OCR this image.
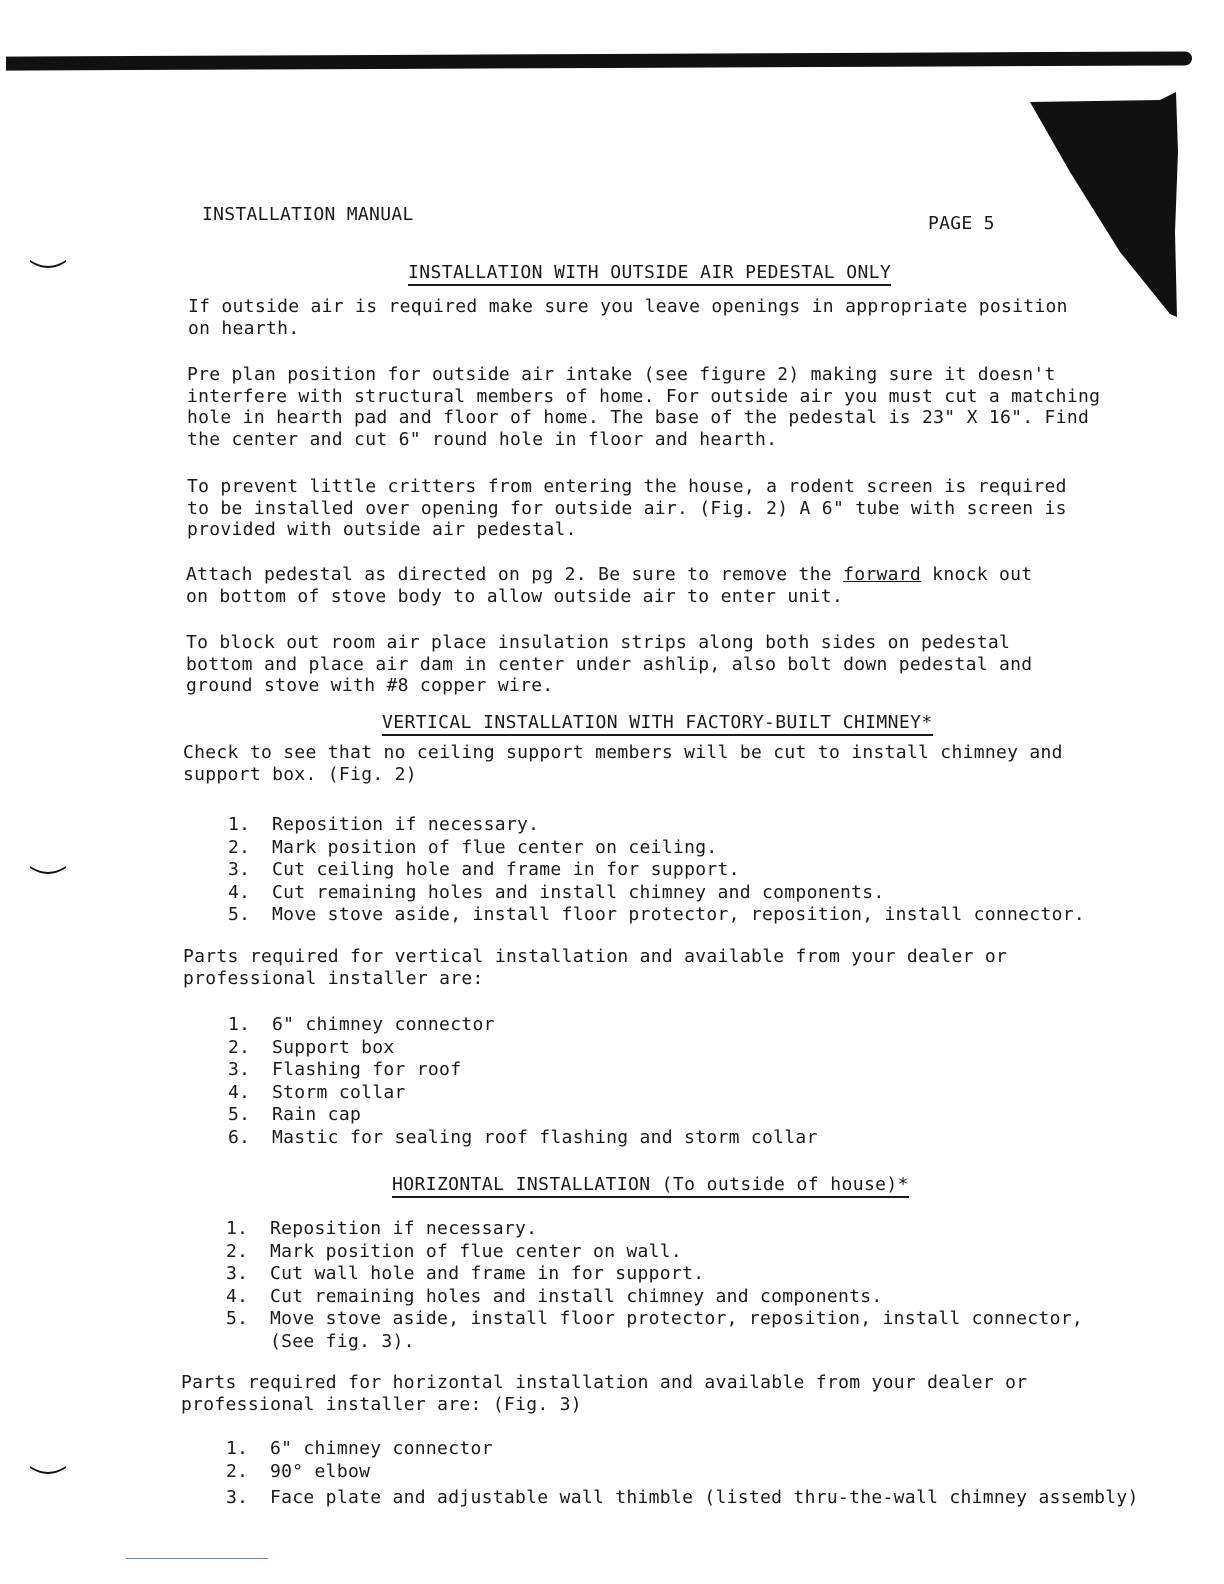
INSTALLATION MANUAL	PAGE 5
INSTALLATION WITH OUTSIDE AIR PEDESTAL ONLY

If outside air is required make sure you leave openings in appropriate position
on hearth.

Pre plan position for outside air intake (see figure 2) making sure it doesn't
interfere with structural members of home. For outside air you must cut a matching
hole in hearth pad and floor of home. The base of the pedestal is 23" X 16". Find
the center and cut 6" round hole in floor and hearth.

To prevent little critters from entering the house, a rodent screen is required
to be installed over opening for outside air. (Fig. 2) A 6" tube with screen is
provided with outside air pedestal.

Attach pedestal as directed on pg 2. Be sure to remove the forward knock out
on bottom of stove body to allow outside air to enter unit.

To block out room air place insulation strips along both sides on pedestal
bottom and place air dam in center under ashlip, also bolt down pedestal and
ground stove with #8 copper wire.

VERTICAL INSTALLATION WITH FACTORY-BUILT CHIMNEY*

Check to see that no ceiling support members will be cut to install chimney and
support box. (Fig. 2)

1. Reposition if necessary.
2. Mark position of flue center on ceiling.
3. Cut ceiling hole and frame in for support.
4. Cut remaining holes and install chimney and components.
5. Move stove aside, install floor protector, reposition, install connector.

Parts required for vertical installation and available from your dealer or
professional installer are:

1. 6" chimney connector
2. Support box
3. Flashing for roof
4. Storm collar
5. Rain cap
6. Mastic for sealing roof flashing and storm collar
HORIZONTAL INSTALLATION (To outside of house)*
1. Reposition if necessary.
2. Mark position of flue center on wall.
3. Cut wall hole and frame in for support.
4. Cut remaining holes and install chimney and components.
5. Move stove aside, install floor protector, reposition, install connector,
(See fig. 3).

Parts required for horizontal installation and available from your dealer or
professional installer are: (Fig. 3)

1. 6" chimney connector
2. 90° elbow
3. Face plate and adjustable wall thimble (listed thru-the-wall chimney assembly)
